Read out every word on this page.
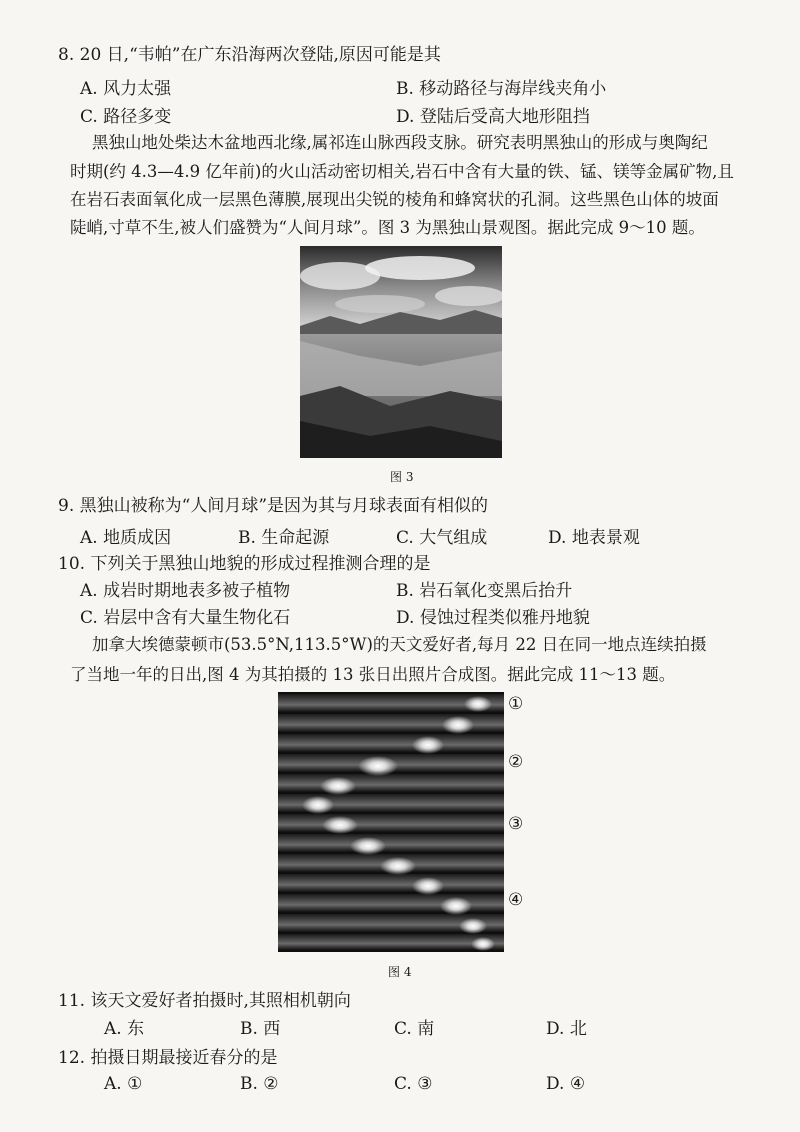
8. 20 日,“韦帕”在广东沿海两次登陆,原因可能是其
A. 风力太强	B. 移动路径与海岸线夹角小
C. 路径多变	D. 登陆后受高大地形阻挡
黑独山地处柴达木盆地西北缘,属祁连山脉西段支脉。研究表明黑独山的形成与奥陶纪
时期(约 4.3—4.9 亿年前)的火山活动密切相关,岩石中含有大量的铁、锰、镁等金属矿物,且
在岩石表面氧化成一层黑色薄膜,展现出尖锐的棱角和蜂窝状的孔洞。这些黑色山体的坡面
陡峭,寸草不生,被人们盛赞为“人间月球”。图 3 为黑独山景观图。据此完成 9～10 题。
图 3
9. 黑独山被称为“人间月球”是因为其与月球表面有相似的
A. 地质成因	B. 生命起源	C. 大气组成	D. 地表景观
10. 下列关于黑独山地貌的形成过程推测合理的是
A. 成岩时期地表多被子植物	B. 岩石氧化变黑后抬升
C. 岩层中含有大量生物化石	D. 侵蚀过程类似雅丹地貌
加拿大埃德蒙顿市(53.5°N,113.5°W)的天文爱好者,每月 22 日在同一地点连续拍摄
了当地一年的日出,图 4 为其拍摄的 13 张日出照片合成图。据此完成 11～13 题。
①
②
③
④
图 4
11. 该天文爱好者拍摄时,其照相机朝向
A. 东	B. 西	C. 南	D. 北
12. 拍摄日期最接近春分的是
A. ①	B. ②	C. ③	D. ④
